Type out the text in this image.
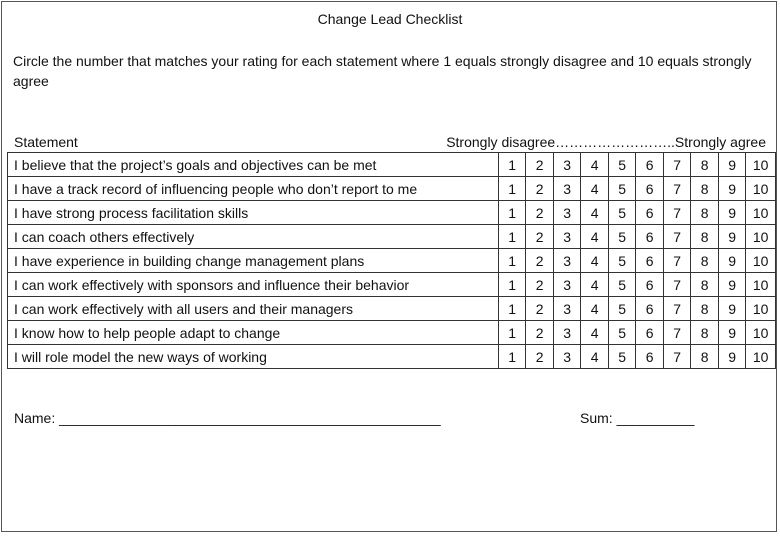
Change Lead Checklist
Circle the number that matches your rating for each statement where 1 equals strongly disagree and 10 equals strongly agree
Statement	Strongly disagree……………………..Strongly agree
I believe that the project’s goals and objectives can be met	1	2	3	4	5	6	7	8	9	10
I have a track record of influencing people who don’t report to me	1	2	3	4	5	6	7	8	9	10
I have strong process facilitation skills	1	2	3	4	5	6	7	8	9	10
I can coach others effectively	1	2	3	4	5	6	7	8	9	10
I have experience in building change management plans	1	2	3	4	5	6	7	8	9	10
I can work effectively with sponsors and influence their behavior	1	2	3	4	5	6	7	8	9	10
I can work effectively with all users and their managers	1	2	3	4	5	6	7	8	9	10
I know how to help people adapt to change	1	2	3	4	5	6	7	8	9	10
I will role model the new ways of working	1	2	3	4	5	6	7	8	9	10
Name: _________________________________________________	Sum: __________
